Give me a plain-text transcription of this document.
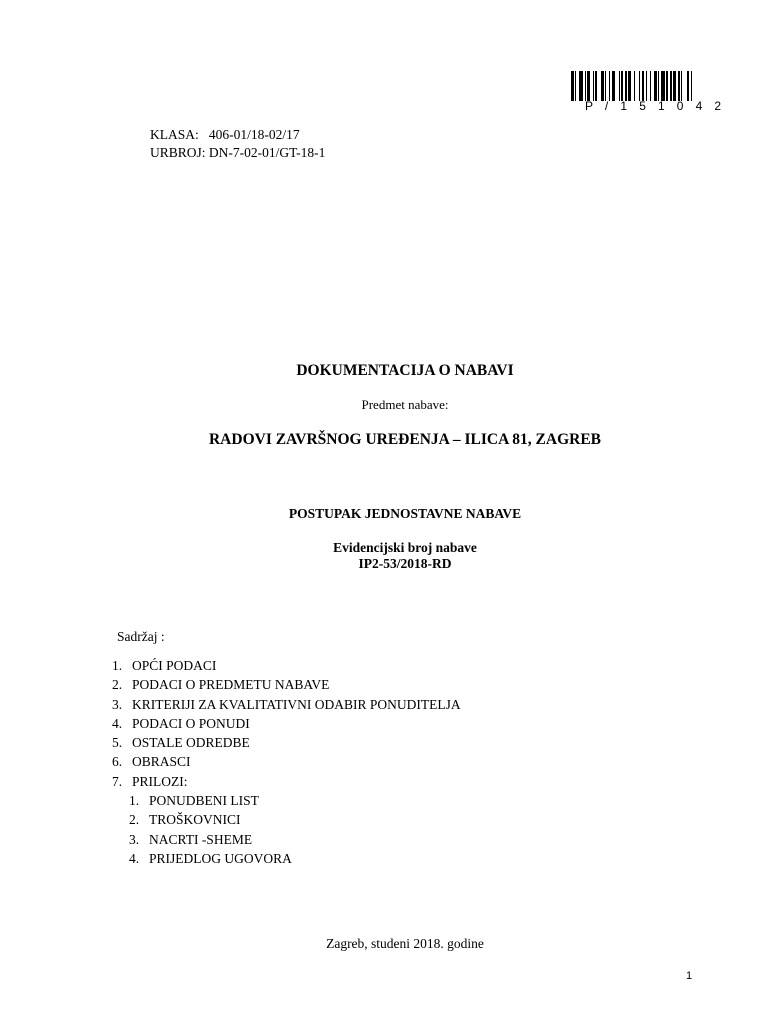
P / 1 5 1 0 4 2
KLASA: 406-01/18-02/17
URBROJ: DN-7-02-01/GT-18-1
DOKUMENTACIJA O NABAVI
Predmet nabave:
RADOVI ZAVRŠNOG UREĐENJA – ILICA 81, ZAGREB
POSTUPAK JEDNOSTAVNE NABAVE
Evidencijski broj nabave
IP2-53/2018-RD
Sadržaj :
1. OPĆI PODACI
2. PODACI O PREDMETU NABAVE
3. KRITERIJI ZA KVALITATIVNI ODABIR PONUDITELJA
4. PODACI O PONUDI
5. OSTALE ODREDBE
6. OBRASCI
7. PRILOZI:
1. PONUDBENI LIST
2. TROŠKOVNICI
3. NACRTI -SHEME
4. PRIJEDLOG UGOVORA
Zagreb, studeni 2018. godine
1
